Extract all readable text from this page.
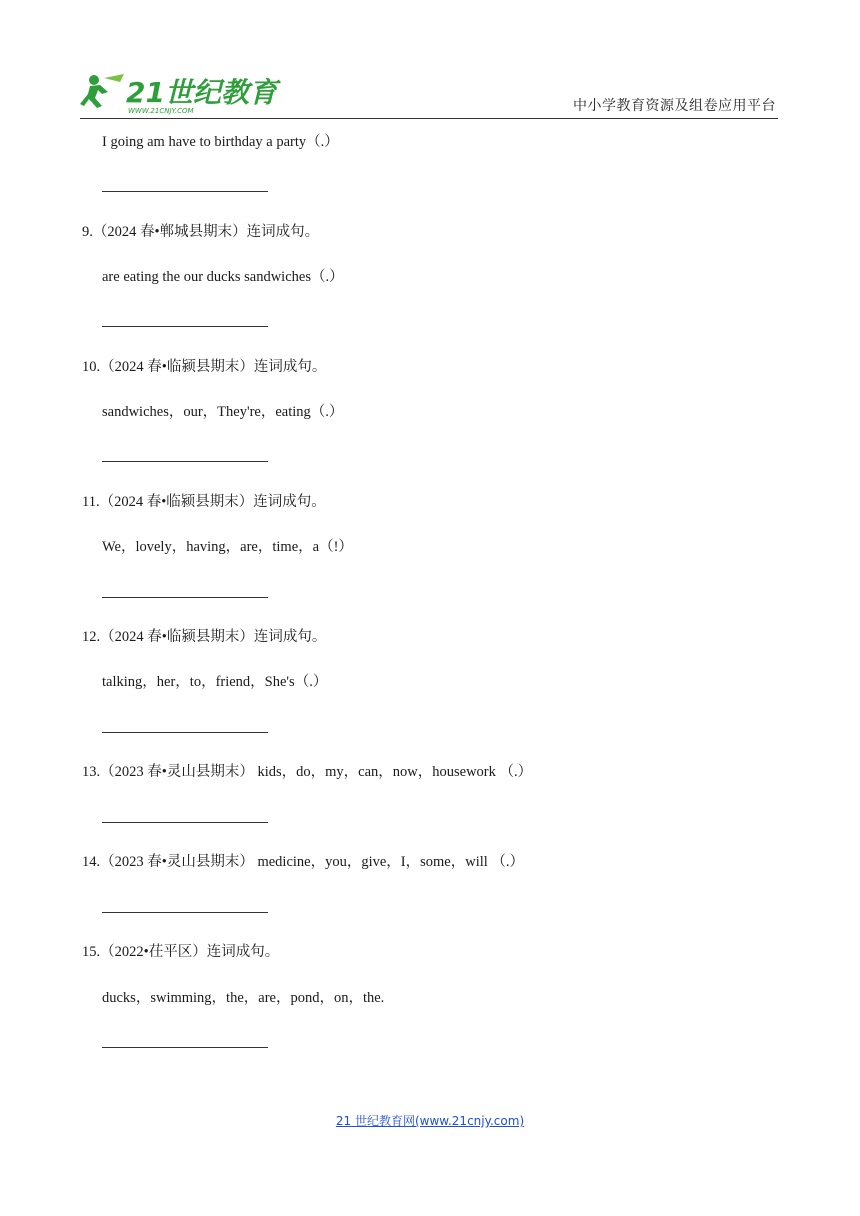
21世纪教育
WWW.21CNJY.COM	中小学教育资源及组卷应用平台
I going am have to birthday a party（.）
9.（2024 春•郸城县期末）连词成句。
are eating the our ducks sandwiches（.）
10.（2024 春•临颍县期末）连词成句。
sandwiches，our，They're，eating（.）
11.（2024 春•临颍县期末）连词成句。
We，lovely，having，are，time，a（!）
12.（2024 春•临颍县期末）连词成句。
talking，her，to，friend，She's（.）
13.（2023 春•灵山县期末） kids，do，my，can，now，housework （.）
14.（2023 春•灵山县期末） medicine，you，give，I，some，will （.）
15.（2022•茌平区）连词成句。
ducks，swimming，the，are，pond，on，the.
21 世纪教育网(www.21cnjy.com)
